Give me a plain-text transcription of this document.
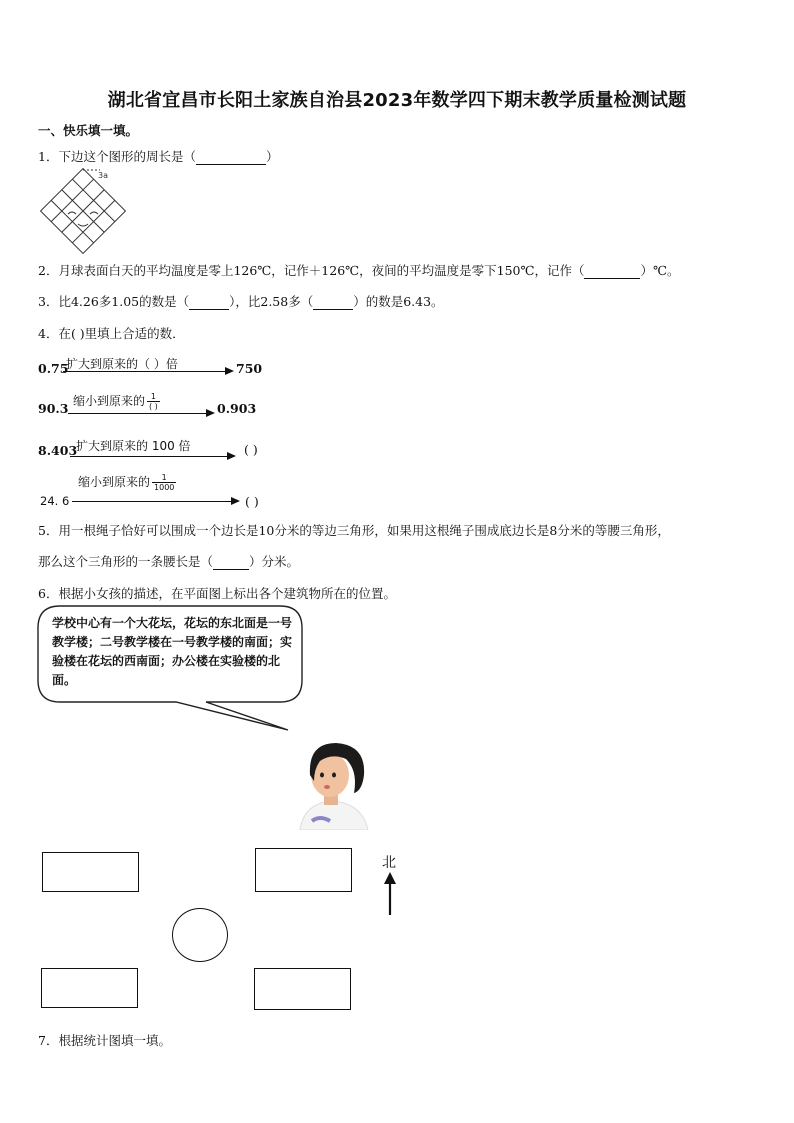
湖北省宜昌市长阳土家族自治县2023年数学四下期末教学质量检测试题
一、快乐填一填。
1．下边这个图形的周长是（	）
3a
2．月球表面白天的平均温度是零上126℃，记作＋126℃，夜间的平均温度是零下150℃，记作（	）℃。
3．比4.26多1.05的数是（	），比2.58多（	）的数是6.43。
4．在( )里填上合适的数．
0.75
扩大到原来的（ ）倍	750
90.3 缩小到原来的 $\frac{1}{( )}$	0.903
8.403
扩大到原来的 100 倍	( )
缩小到原来的 $\frac{1}{1000}$
24. 6	( )
5．用一根绳子恰好可以围成一个边长是10分米的等边三角形，如果用这根绳子围成底边长是8分米的等腰三角形，
那么这个三角形的一条腰长是（	）分米。
6．根据小女孩的描述，在平面图上标出各个建筑物所在的位置。
学校中心有一个大花坛，花坛的东北面是一号教学楼；二号教学楼在一号教学楼的南面；实验楼在花坛的西南面；办公楼在实验楼的北面。
北
7．根据统计图填一填。
